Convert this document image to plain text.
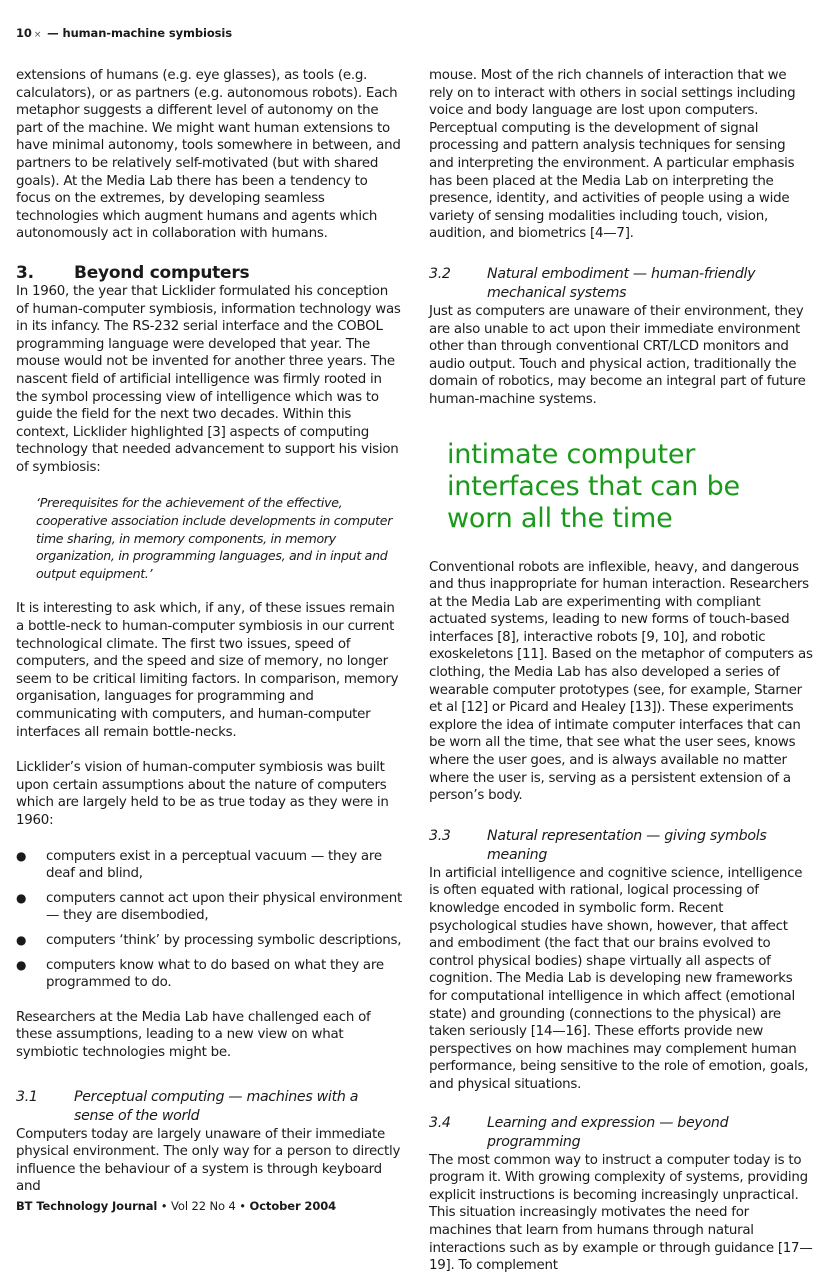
10 × — human-machine symbiosis

extensions of humans (e.g. eye glasses), as tools (e.g. calculators), or as partners (e.g. autonomous robots). Each metaphor suggests a different level of autonomy on the part of the machine. We might want human extensions to have minimal autonomy, tools somewhere in between, and partners to be relatively self-motivated (but with shared goals). At the Media Lab there has been a tendency to focus on the extremes, by developing seamless technologies which augment humans and agents which autonomously act in collaboration with humans.

3.	Beyond computers

In 1960, the year that Licklider formulated his conception of human-computer symbiosis, information technology was in its infancy. The RS-232 serial interface and the COBOL programming language were developed that year. The mouse would not be invented for another three years. The nascent field of artificial intelligence was firmly rooted in the symbol processing view of intelligence which was to guide the field for the next two decades. Within this context, Licklider highlighted [3] aspects of computing technology that needed advancement to support his vision of symbiosis:

‘Prerequisites for the achievement of the effective, cooperative association include developments in computer time sharing, in memory components, in memory organization, in programming languages, and in input and output equipment.’

It is interesting to ask which, if any, of these issues remain a bottle-neck to human-computer symbiosis in our current technological climate. The first two issues, speed of computers, and the speed and size of memory, no longer seem to be critical limiting factors. In comparison, memory organisation, languages for programming and communicating with computers, and human-computer interfaces all remain bottle-necks.

Licklider’s vision of human-computer symbiosis was built upon certain assumptions about the nature of computers which are largely held to be as true today as they were in 1960:

●	computers exist in a perceptual vacuum — they are deaf and blind,
●	computers cannot act upon their physical environment — they are disembodied,
●	computers ‘think’ by processing symbolic descriptions,
●	computers know what to do based on what they are programmed to do.

Researchers at the Media Lab have challenged each of these assumptions, leading to a new view on what symbiotic technologies might be.

3.1	Perceptual computing — machines with a sense of the world

Computers today are largely unaware of their immediate physical environment. The only way for a person to directly influence the behaviour of a system is through keyboard and

mouse. Most of the rich channels of interaction that we rely on to interact with others in social settings including voice and body language are lost upon computers. Perceptual computing is the development of signal processing and pattern analysis techniques for sensing and interpreting the environment. A particular emphasis has been placed at the Media Lab on interpreting the presence, identity, and activities of people using a wide variety of sensing modalities including touch, vision, audition, and biometrics [4—7].

3.2	Natural embodiment — human-friendly mechanical systems

Just as computers are unaware of their environment, they are also unable to act upon their immediate environment other than through conventional CRT/LCD monitors and audio output. Touch and physical action, traditionally the domain of robotics, may become an integral part of future human-machine systems.

intimate computer interfaces that can be worn all the time

Conventional robots are inflexible, heavy, and dangerous and thus inappropriate for human interaction. Researchers at the Media Lab are experimenting with compliant actuated systems, leading to new forms of touch-based interfaces [8], interactive robots [9, 10], and robotic exoskeletons [11]. Based on the metaphor of computers as clothing, the Media Lab has also developed a series of wearable computer prototypes (see, for example, Starner et al [12] or Picard and Healey [13]). These experiments explore the idea of intimate computer interfaces that can be worn all the time, that see what the user sees, knows where the user goes, and is always available no matter where the user is, serving as a persistent extension of a person’s body.

3.3	Natural representation — giving symbols meaning

In artificial intelligence and cognitive science, intelligence is often equated with rational, logical processing of knowledge encoded in symbolic form. Recent psychological studies have shown, however, that affect and embodiment (the fact that our brains evolved to control physical bodies) shape virtually all aspects of cognition. The Media Lab is developing new frameworks for computational intelligence in which affect (emotional state) and grounding (connections to the physical) are taken seriously [14—16]. These efforts provide new perspectives on how machines may complement human performance, being sensitive to the role of emotion, goals, and physical situations.

3.4	Learning and expression — beyond programming

The most common way to instruct a computer today is to program it. With growing complexity of systems, providing explicit instructions is becoming increasingly unpractical. This situation increasingly motivates the need for machines that learn from humans through natural interactions such as by example or through guidance [17—19]. To complement

BT Technology Journal • Vol 22 No 4 • October 2004
